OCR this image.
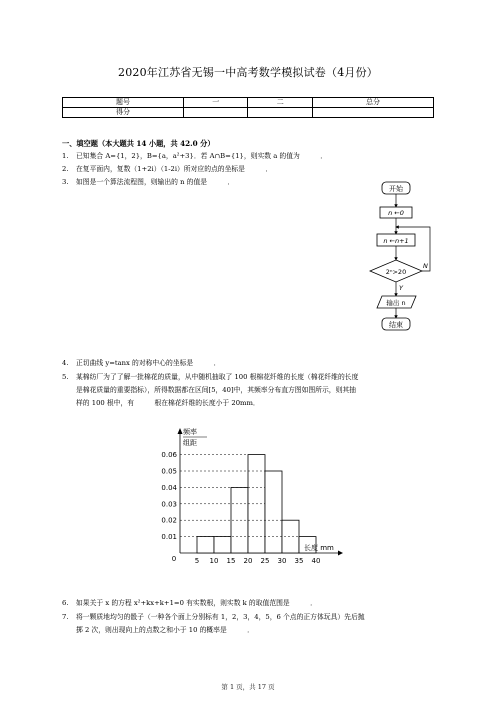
2020年江苏省无锡一中高考数学模拟试卷（4月份）
题号	一	二	总分
得分			
一、填空题（本大题共 14 小题，共 42.0 分）
1. 已知集合 A={1，2}，B={a，a²+3}．若 A∩B={1}，则实数 a 的值为　　　．
2. 在复平面内，复数（1+2i）（1-2i）所对应的点的坐标是　　　．
3. 如图是一个算法流程图，则输出的 n 的值是　　　．
开始
n ←0
n ←n+1
2ⁿ>20
N
Y
输出 n
结束
4. 正切曲线 y=tanx 的对称中心的坐标是　　　．
5. 某棉纺厂为了了解一批棉花的质量，从中随机抽取了 100 根棉花纤维的长度（棉花纤维的长度
是棉花质量的重要指标），所得数据都在区间[5，40]中，其频率分布直方图如图所示，则其抽
样的 100 根中，有　　　根在棉花纤维的长度小于 20mm．
频率
组距
0.01
0.02
0.03
0.04
0.05
0.06
5 10 15 20 25 30 35 40
0
长度 mm
6. 如果关于 x 的方程 x²+kx+k+1=0 有实数根，则实数 k 的取值范围是　　　．
7. 将一颗质地均匀的骰子（一种各个面上分别标有 1，2，3，4，5，6 个点的正方体玩具）先后抛
掷 2 次，则出现向上的点数之和小于 10 的概率是　　　．
第 1 页，共 17 页
